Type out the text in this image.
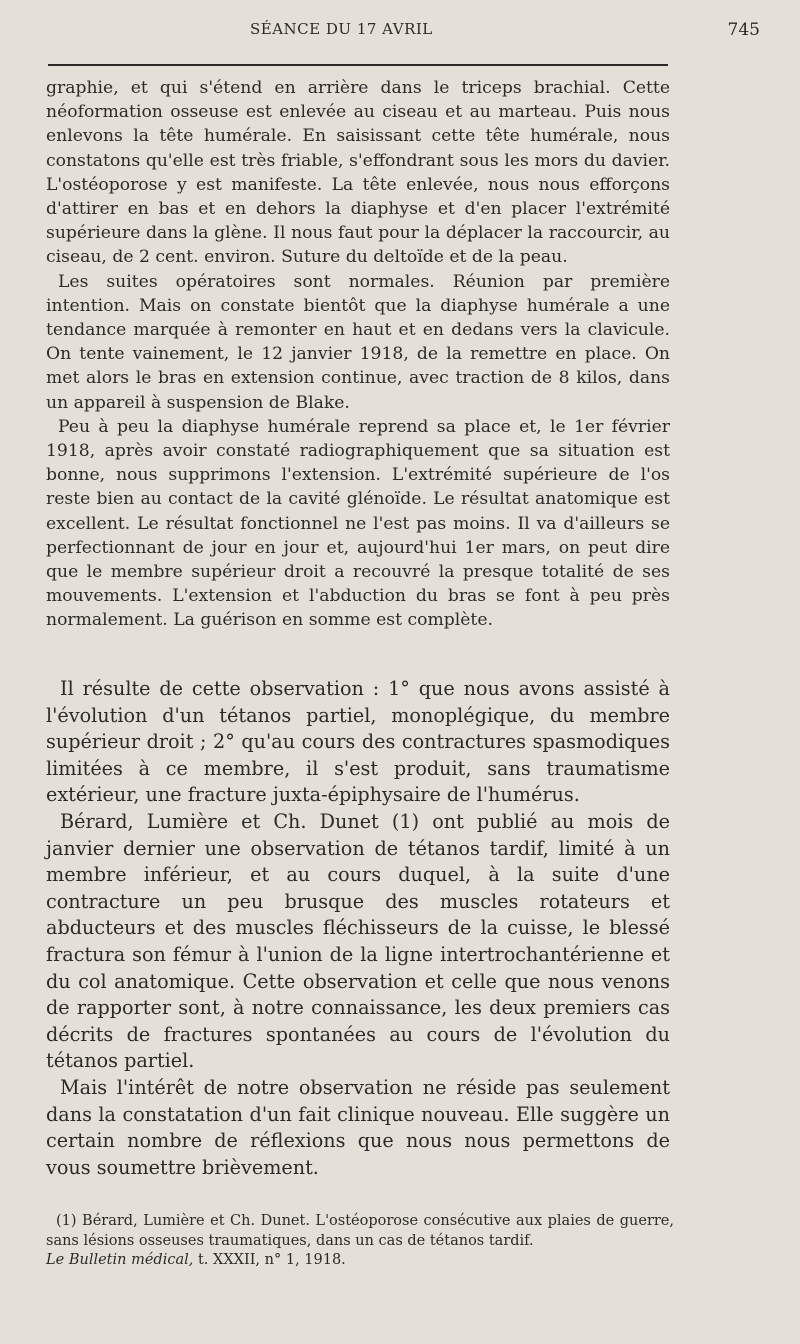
SÉANCE DU 17 AVRIL	745

graphie, et qui s'étend en arrière dans le triceps brachial. Cette néoformation osseuse est enlevée au ciseau et au marteau. Puis nous enlevons la tête humérale. En saisissant cette tête humérale, nous constatons qu'elle est très friable, s'effondrant sous les mors du davier. L'ostéoporose y est manifeste. La tête enlevée, nous nous efforçons d'attirer en bas et en dehors la diaphyse et d'en placer l'extrémité supérieure dans la glène. Il nous faut pour la déplacer la raccourcir, au ciseau, de 2 cent. environ. Suture du deltoïde et de la peau.

Les suites opératoires sont normales. Réunion par première intention. Mais on constate bientôt que la diaphyse humérale a une tendance marquée à remonter en haut et en dedans vers la clavicule. On tente vainement, le 12 janvier 1918, de la remettre en place. On met alors le bras en extension continue, avec traction de 8 kilos, dans un appareil à suspension de Blake.

Peu à peu la diaphyse humérale reprend sa place et, le 1er février 1918, après avoir constaté radiographiquement que sa situation est bonne, nous supprimons l'extension. L'extrémité supérieure de l'os reste bien au contact de la cavité glénoïde. Le résultat anatomique est excellent. Le résultat fonctionnel ne l'est pas moins. Il va d'ailleurs se perfectionnant de jour en jour et, aujourd'hui 1er mars, on peut dire que le membre supérieur droit a recouvré la presque totalité de ses mouvements. L'extension et l'abduction du bras se font à peu près normalement. La guérison en somme est complète.

Il résulte de cette observation : 1° que nous avons assisté à l'évolution d'un tétanos partiel, monoplégique, du membre supérieur droit ; 2° qu'au cours des contractures spasmodiques limitées à ce membre, il s'est produit, sans traumatisme extérieur, une fracture juxta-épiphysaire de l'humérus.

Bérard, Lumière et Ch. Dunet (1) ont publié au mois de janvier dernier une observation de tétanos tardif, limité à un membre inférieur, et au cours duquel, à la suite d'une contracture un peu brusque des muscles rotateurs et abducteurs et des muscles fléchisseurs de la cuisse, le blessé fractura son fémur à l'union de la ligne intertrochantérienne et du col anatomique. Cette observation et celle que nous venons de rapporter sont, à notre connaissance, les deux premiers cas décrits de fractures spontanées au cours de l'évolution du tétanos partiel.

Mais l'intérêt de notre observation ne réside pas seulement dans la constatation d'un fait clinique nouveau. Elle suggère un certain nombre de réflexions que nous nous permettons de vous soumettre brièvement.

(1) Bérard, Lumière et Ch. Dunet. L'ostéoporose consécutive aux plaies de guerre, sans lésions osseuses traumatiques, dans un cas de tétanos tardif.
Le Bulletin médical, t. XXXII, n° 1, 1918.
